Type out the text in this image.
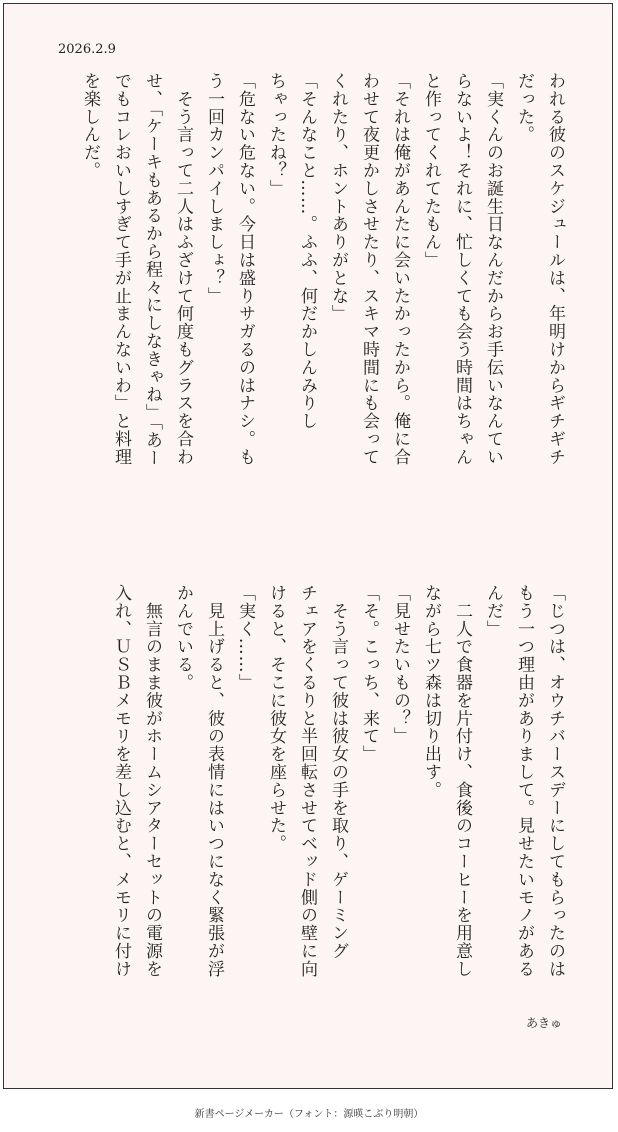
2026.2.9

われる彼のスケジュールは、年明けからギチギチ

だった。

「実くんのお誕生日なんだからお手伝いなんてい

らないよ！それに、忙しくても会う時間はちゃん

と作ってくれてたもん」

「それは俺があんたに会いたかったから。俺に合

わせて夜更かしさせたり、スキマ時間にも会って

くれたり、ホントありがとな」

「そんなこと……。ふふ、何だかしんみりし

ちゃったね？」

「危ない危ない。今日は盛りサガるのはナシ。も

う一回カンパイしましょ？」

　そう言って二人はふざけて何度もグラスを合わ

せ、「ケーキもあるから程々にしなきゃね」「あー

でもコレおいしすぎて手が止まんないわ」と料理

を楽しんだ。

「じつは、オウチバースデーにしてもらったのは

もう一つ理由がありまして。見せたいモノがある

んだ」

　二人で食器を片付け、食後のコーヒーを用意し

ながら七ツ森は切り出す。

「見せたいもの？」

「そ。こっち、来て」

　そう言って彼は彼女の手を取り、ゲーミング

チェアをくるりと半回転させてベッド側の壁に向

けると、そこに彼女を座らせた。

「実く……」

　見上げると、彼の表情にはいつになく緊張が浮

かんでいる。

　無言のまま彼がホームシアターセットの電源を

入れ、ＵＳＢメモリを差し込むと、メモリに付け

あきゅ

新書ページメーカー（フォント：源暎こぶり明朝）
